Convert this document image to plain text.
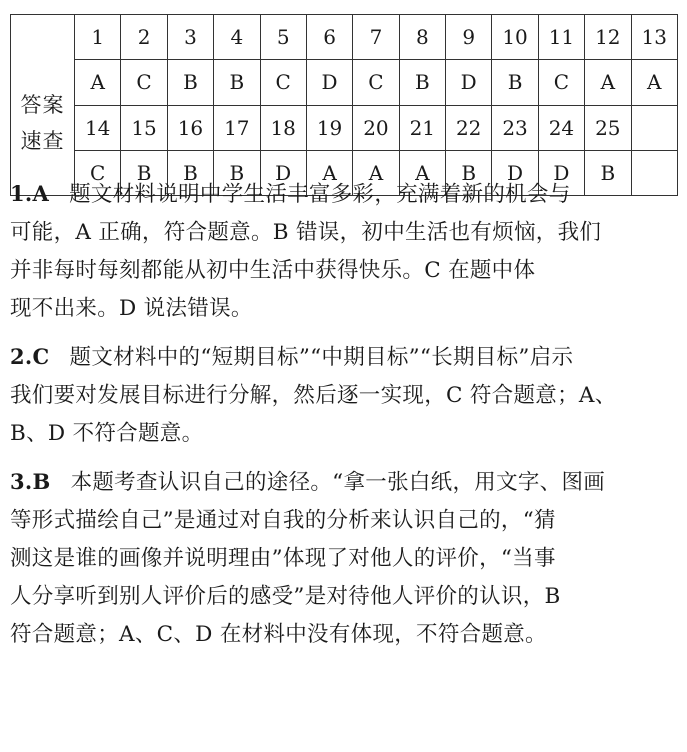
答案
速查	1	2	3	4	5	6	7	8	9	10	11	12	13
	A	C	B	B	C	D	C	B	D	B	C	A	A
	14	15	16	17	18	19	20	21	22	23	24	25	
	C	B	B	B	D	A	A	A	B	D	D	B	

1.A 题文材料说明中学生活丰富多彩，充满着新的机会与
可能，A 正确，符合题意。B 错误，初中生活也有烦恼，我们
并非每时每刻都能从初中生活中获得快乐。C 在题中体
现不出来。D 说法错误。

2.C 题文材料中的“短期目标”“中期目标”“长期目标”启示
我们要对发展目标进行分解，然后逐一实现，C 符合题意；A、
B、D 不符合题意。

3.B 本题考查认识自己的途径。“拿一张白纸，用文字、图画
等形式描绘自己”是通过对自我的分析来认识自己的，“猜
测这是谁的画像并说明理由”体现了对他人的评价，“当事
人分享听到别人评价后的感受”是对待他人评价的认识，B
符合题意；A、C、D 在材料中没有体现，不符合题意。
